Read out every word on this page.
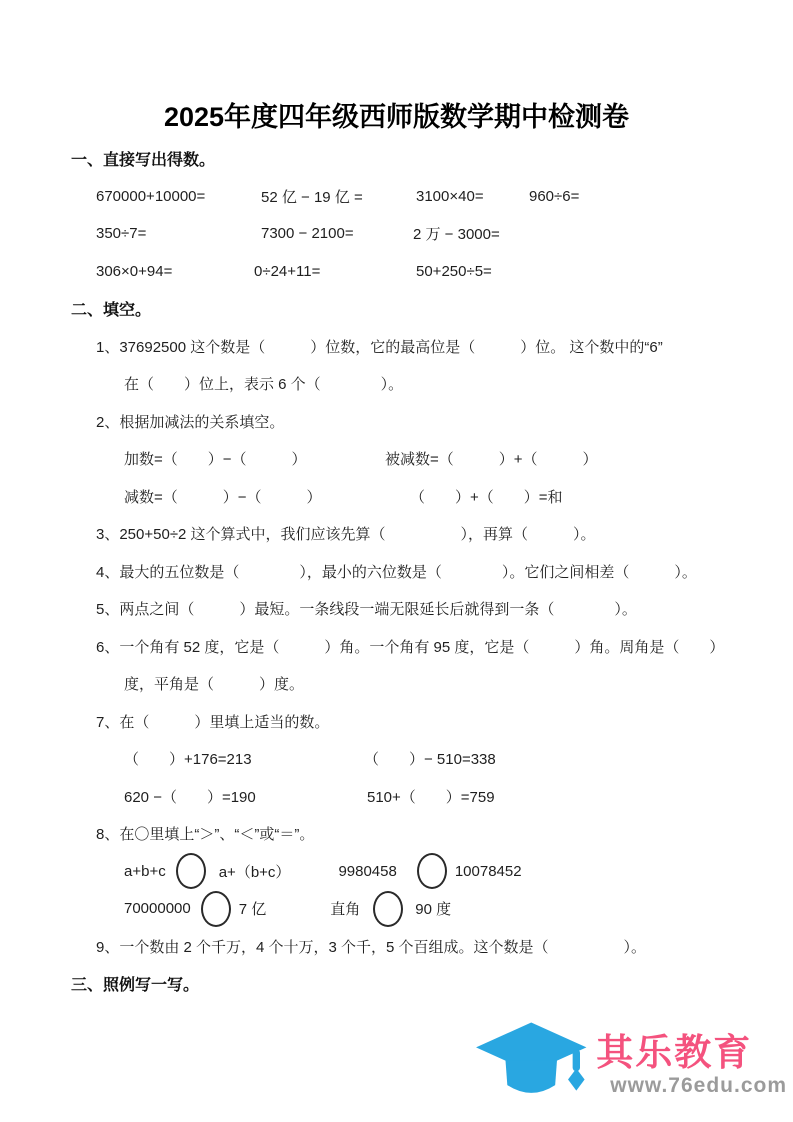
2025年度四年级西师版数学期中检测卷
一、直接写出得数。
670000+10000=	52 亿 − 19 亿 =	3100×40=	960÷6=
350÷7=	7300 − 2100=	2 万 − 3000=
306×0+94=	0÷24+11=	50+250÷5=
二、填空。
1、37692500 这个数是（　　　）位数，它的最高位是（　　　）位。 这个数中的“6”
在（　　）位上，表示 6 个（　　　　）。
2、根据加减法的关系填空。
加数=（　　）−（　　　）	被减数=（　　　）+（　　　）
减数=（　　　）−（　　　）	（　　）+（　　）=和
3、250+50÷2 这个算式中，我们应该先算（　　　　　），再算（　　　）。
4、最大的五位数是（　　　　），最小的六位数是（　　　　）。它们之间相差（　　　）。
5、两点之间（　　　）最短。一条线段一端无限延长后就得到一条（　　　　）。
6、一个角有 52 度，它是（　　　）角。一个角有 95 度，它是（　　　）角。周角是（　　）
度，平角是（　　　）度。
7、在（　　　）里填上适当的数。
（　　）+176=213	（　　）− 510=338
620 −（　　）=190	510+（　　）=759
8、在〇里填上“＞”、“＜”或“＝”。
a+b+c	a+（b+c）	9980458	10078452
70000000	7 亿	直角	90 度
9、一个数由 2 个千万，4 个十万，3 个千，5 个百组成。这个数是（　　　　　）。
三、照例写一写。
其乐教育
www.76edu.com
